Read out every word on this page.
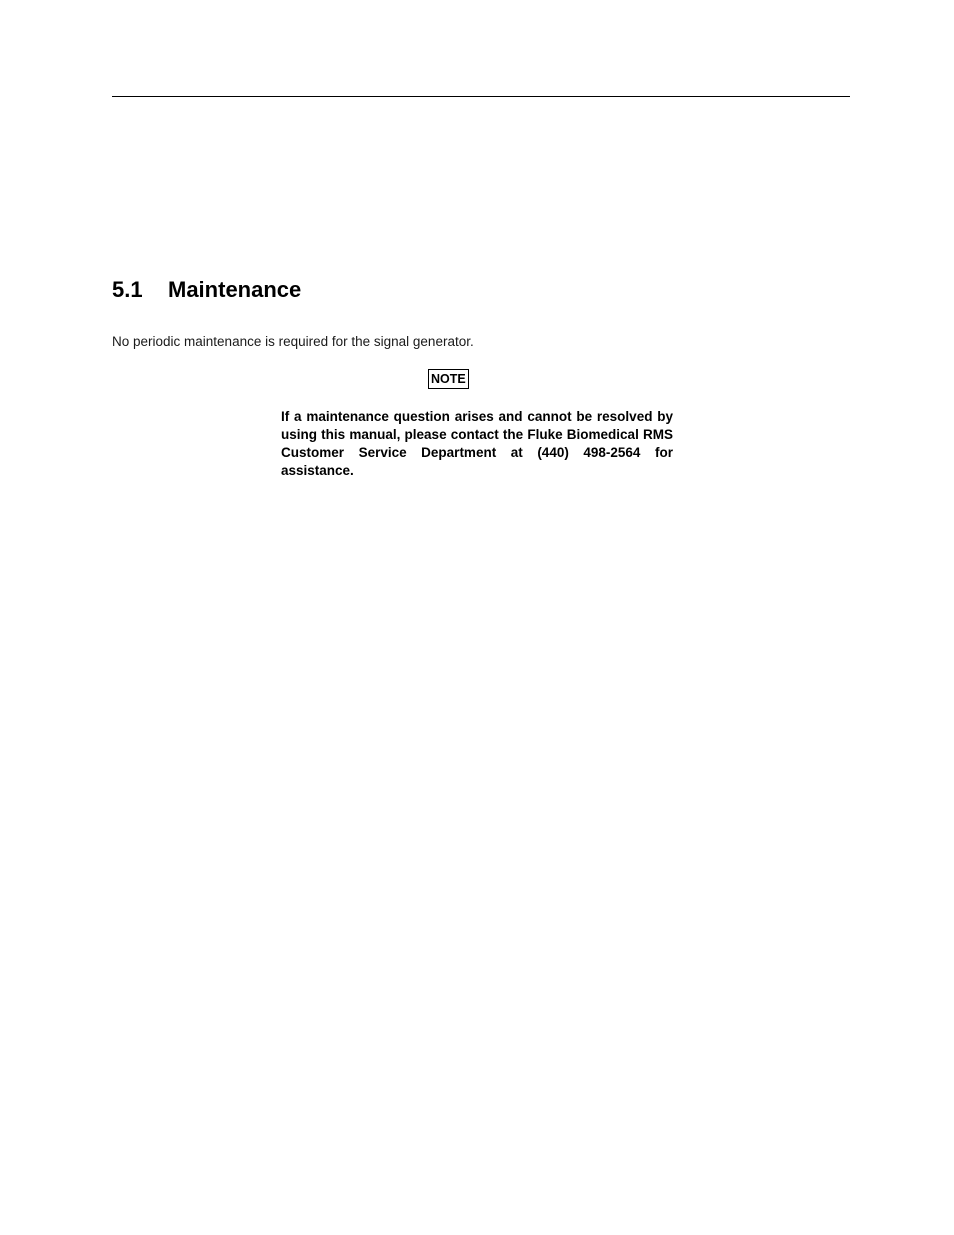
5.1 Maintenance

No periodic maintenance is required for the signal generator.

NOTE

If a maintenance question arises and cannot be resolved by using this manual, please contact the Fluke Biomedical RMS Customer Service Department at (440) 498-2564 for assistance.
